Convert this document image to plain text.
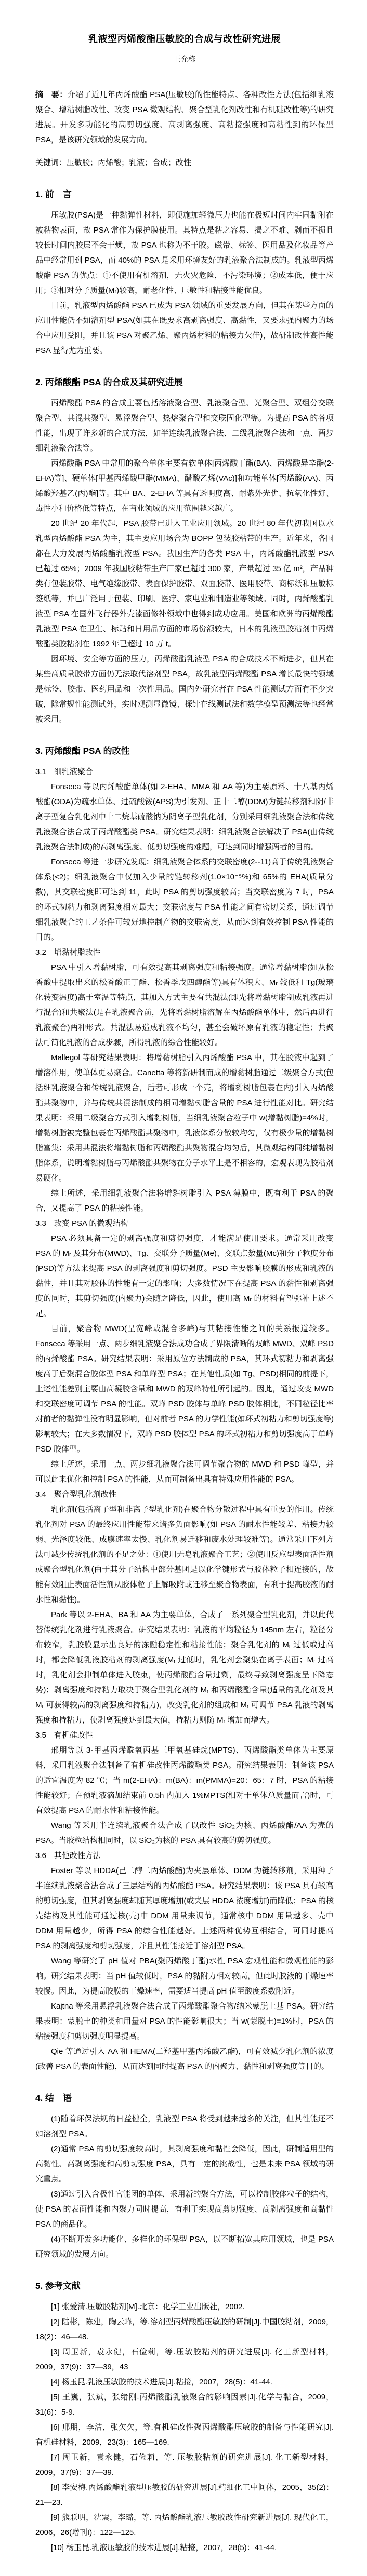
乳液型丙烯酸酯压敏胶的合成与改性研究进展
王允栋

摘　要：介绍了近几年丙烯酸酯 PSA(压敏胶)的性能特点、各种改性方法(包括细乳液聚合、增粘树脂改性、改变 PSA 微观结构、聚合型乳化剂改性和有机硅改性等)的研究进展。开发多功能化的高剪切强度、高剥离强度、高粘接强度和高粘性到的环保型 PSA，是该研究领域的发展方向。

关键词：压敏胶；丙烯酸；乳液；合成；改性

1. 前　言

压敏胶(PSA)是一种黏弹性材料，即便施加轻微压力也能在极短时间内牢固黏附在被粘物表面，故 PSA 常作为保护膜使用。其特点是粘之容易、揭之不难、剥而不损且较长时间内胶层不会干燥，故 PSA 也称为不干胶。磁带、标签、医用品及化妆品等产品中经常用到 PSA，而 40%的 PSA 是采用环境友好的乳液聚合法制成的。乳液型丙烯酸酯 PSA 的优点：①不使用有机溶剂，无火灾危险，不污染环境；②成本低，便于应用；③相对分子质量(Mᵣ)较高，耐老化性、压敏性和粘接性能优良。

目前，乳液型丙烯酸酯 PSA 已成为 PSA 领域的重要发展方向，但其在某些方面的应用性能仍不如溶剂型 PSA(如其在既要求高剥离强度、高黏性，又要求强内聚力的场合中应用受阻，并且该 PSA 对聚乙烯、聚丙烯材料的粘接力欠佳)，故研制改性高性能 PSA 显得尤为重要。

2. 丙烯酸酯 PSA 的合成及其研究进展

丙烯酸酯 PSA 的合成主要包括溶液聚合型、乳液聚合型、光聚合型、双组分交联聚合型、共混共聚型、悬浮聚合型、热熔聚合型和交联固化型等。为提高 PSA 的各项性能，出现了许多新的合成方法，如半连续乳液聚合法、二级乳液聚合法和一点、两步细乳液聚合法等。

丙烯酸酯 PSA 中常用的聚合单体主要有软单体[丙烯酸丁酯(BA)、丙烯酸异辛酯(2-EHA)等]、硬单体[甲基丙烯酸甲酯(MMA)、醋酸乙烯(VAc)]和功能单体[丙烯酸(AA)、丙烯酸羟基乙(丙)酯]等。其中 BA、2-EHA 等具有透明度高、耐紫外光优、抗氧化性好、毒性小和价格低等特点，在商业领域的应用范围越来越广。

20 世纪 20 年代起，PSA 胶带已进入工业应用领域。20 世纪 80 年代初我国以水乳型丙烯酸酯 PSA 为主，其主要应用场合为 BOPP 包装胶粘带的生产。近年来，各国都在大力发展丙烯酸酯乳液型 PSA。我国生产的各类 PSA 中，丙烯酸酯乳液型 PSA 已超过 65%；2009 年我国胶粘带生产厂家已超过 300 家，产量超过 35 亿 m²，产品种类有包装胶带、电气绝缘胶带、表面保护胶带、双面胶带、医用胶带、商标纸和压敏标签纸等，并已广泛用于包装、印刷、医疗、家电业和制造业等领域。同时，丙烯酸酯乳液型 PSA 在国外飞行器外壳漆面修补领域中也得到成功应用。美国和欧洲的丙烯酸酯乳液型 PSA 在卫生、标贴和日用品方面的市场份额较大，日本的乳液型胶粘剂中丙烯酸酯类胶粘剂在 1992 年已超过 10 万 t。

因环境、安全等方面的压力，丙烯酸酯乳液型 PSA 的合成技术不断进步，但其在某些高质量胶带方面仍无法取代溶剂型 PSA，故乳液型丙烯酸酯 PSA 增长最快的领域是标签、胶带、医药用品和一次性用品。国内外研究者在 PSA 性能测试方面有不少突破，除常规性能测试外，实时观测显微镜、探针在线测试法和数学模型预测法等也经常被采用。

3. 丙烯酸酯 PSA 的改性
3.1　细乳液聚合

Fonseca 等以丙烯酸酯单体(如 2-EHA、MMA 和 AA 等)为主要原料、十八基丙烯酸酯(ODA)为疏水单体、过硫酸铵(APS)为引发剂、正十二醇(DDM)为链转移剂和阴/非离子型复合乳化剂中十二烷基硫酸钠为阴离子型乳化剂，分别采用细乳液聚合法和传统乳液聚合法合成了丙烯酸酯类 PSA。研究结果表明：细乳液聚合法解决了 PSA(由传统乳液聚合法制成)的高剥离强度、低剪切强度的难题，可达到同时增强两者的目的。

Fonseca 等进一步研究发现：细乳液聚合体系的交联密度(2--11)高于传统乳液聚合体系(<2)；细乳液聚合中仅加入少量的链转移剂(1.0×10⁻⁵%)和 65%的 EHA(质量分数)，其交联密度即可达到 11，此时 PSA 的剪切强度较高；当交联密度为 7 时，PSA 的环式初粘力和剥离强度相对最大；交联密度与 PSA 性能之间有密切关系，通过调节细乳液聚合的工艺条件可较好地控制产物的交联密度，从而达到有效控制 PSA 性能的目的。

3.2　增黏树脂改性

PSA 中引入增黏树脂，可有效提高其剥离强度和粘接强度。通常增黏树脂(如从松香酸中提取出来的松香酸正丁酯、松香季戊四醇酯等)具有体积大、Mᵣ 较低和 Tg(玻璃化转变温度)高于室温等特点，其加入方式主要有共混法(即先将增黏树脂制成乳液再进行混合)和共聚法(是在乳液聚合前，先将增黏树脂溶解在丙烯酸酯单体中，然后再进行乳液聚合)两种形式。共混法易造成乳液不均匀，甚至会破坏原有乳液的稳定性；共聚法可简化乳液的合成步骤，所得乳液的综合性能较好。

Mallegol 等研究结果表明：将增黏树脂引入丙烯酸酯 PSA 中，其在胶液中起到了增溶作用，使单体更易聚合。Canetta 等将新研制而成的增黏树脂通过二级聚合方式(包括细乳液聚合和传统乳液聚合，后者可形成一个壳，将增黏树脂包裹在内)引入丙烯酸酯共聚物中，并与传统共混法制成的相同增黏树脂含量的 PSA 进行性能对比。研究结果表明：采用二级聚合方式引入增黏树脂，当细乳液聚合粒子中 w(增黏树脂)=4%时，增黏树脂被完整包裹在丙烯酸酯共聚物中，乳液体系分散较均匀，仅有极少量的增黏树脂富集；采用共混法将增黏树脂和丙烯酸酯共聚物混合均匀后，其微观结构同纯增黏树脂体系，说明增黏树脂与丙烯酸酯共聚物在分子水平上是不相容的，宏观表现为胶粘剂易硬化。

综上所述，采用细乳液聚合法将增黏树脂引入 PSA 薄膜中，既有利于 PSA 的聚合，又提高了 PSA 的粘接性能。

3.3　改变 PSA 的微观结构

PSA 必须具备一定的剥离强度和剪切强度，才能满足使用要求。通常采用改变 PSA 的 Mᵣ 及其分布(MWD)、Tg、交联分子质量(Me)、交联点数量(Mc)和分子粒度分布(PSD)等方法来提高 PSA 的剥离强度和剪切强度。PSD 主要影响胶膜的形成和乳液的黏性，并且其对胶体的性能有一定的影响；大多数情况下在提高 PSA 的黏性和剥离强度的同时，其剪切强度(内聚力)会随之降低，因此，使用高 Mᵣ 的材料有望弥补上述不足。

目前，聚合物 MWD(呈宽峰或混合多峰)与其粘接性能之间的关系报道较多。Fonseca 等采用一点、两步细乳液聚合法成功合成了界限清晰的双峰 MWD、双峰 PSD 的丙烯酸酯 PSA。研究结果表明：采用原位方法制成的 PSA，其环式初粘力和剥离强度高于后聚混合胶体型 PSA 和单峰型 PSA；在其他性质(如 Tg、PSD)相同的前提下，上述性能差别主要由高凝胶含量和 MWD 的双峰特性所引起的。因此，通过改变 MWD 和交联密度可调节 PSA 的性能。双峰 PSD 胶体与单峰 PSD 胶体相比，不同粒径比率对前者的黏弹性没有明显影响，但对前者 PSA 的力学性能(如环式初粘力和剪切强度等)影响较大；在大多数情况下，双峰 PSD 胶体型 PSA 的环式初粘力和剪切强度高于单峰 PSD 胶体型。

综上所述，采用一点、两步细乳液聚合法可调节聚合物的 MWD 和 PSD 峰型，并可以此来优化和控制 PSA 的性能，从而可制备出具有特殊应用性能的 PSA。

3.4　聚合型乳化剂改性

乳化剂(包括离子型和非离子型乳化剂)在聚合物分散过程中具有重要的作用。传统乳化剂对 PSA 的最终应用性能带来诸多负面影响(如 PSA 的耐水性能较差、粘接力较弱、光泽度较低、成膜速率太慢、乳化剂易迁移和废水处理较难等)。通常采用下列方法可减少传统乳化剂的不足之处：①使用无皂乳液聚合工艺；②使用反应型表面活性剂或聚合型乳化剂(由于其分子结构中部分基团是以化学键形式与胶体粒子相连接的，故能有效阻止表面活性剂从胶体粒子上解吸附或迁移至聚合物表面，有利于提高胶液的耐水性和黏性)。

Park 等以 2-EHA、BA 和 AA 为主要单体，合成了一系列聚合型乳化剂，并以此代替传统乳化剂进行乳液聚合。研究结果表明：乳液的平均粒径为 145nm 左右，粒径分布较窄，乳胶膜显示出良好的冻融稳定性和粘接性能；聚合乳化剂的 Mᵣ 过低或过高时，都会降低乳液胶粘剂的剥离强度(Mᵣ 过低时，乳化剂会聚集在离子表面；Mᵣ 过高时，乳化剂会抑制单体进入胶束，使丙烯酸酯含量过剩，最终导致剥离强度呈下降态势)；剥离强度和持粘力取决于聚合型乳化剂的 Mᵣ 和丙烯酸酯含量(适量的乳化剂及其 Mᵣ 可获得较高的剥离强度和持粘力)，改变乳化剂的组成和 Mᵣ 可调节 PSA 乳液的剥离强度和持粘力，使剥离强度达到最大值，持粘力则随 Mᵣ 增加而增大。

3.5　有机硅改性

邢朋等以 3-甲基丙烯酰氧丙基三甲氧基硅烷(MPTS)、丙烯酸酯类单体为主要原料，采用乳液聚合法制备了有机硅改性丙烯酸酯类 PSA。研究结果表明：制备该 PSA 的适宜温度为 82 ℃；当 m(2-EHA)：m(BA)：m(PMMA)=20：65：7 时，PSA 的粘接性能较好；在预乳液滴加结束前 0.5h 内加入 1%MPTS(相对于单体总质量而言)时，可有效提高 PSA 的耐水性和粘接性能。

Wang 等采用半连续乳液聚合法合成了以改性 SiO₂为核、丙烯酸酯/AA 为壳的 PSA。当胶粒结构相同时，以 SiO₂为核的 PSA 具有较高的剪切强度。

3.6　其他改性方法

Foster 等以 HDDA(己二醇二丙烯酸酯)为夹层单体、DDM 为链转移剂，采用种子半连续乳液聚合法合成了三层结构的丙烯酸酯 PSA。研究结果表明：该 PSA 具有较高的剪切强度，但其剥离强度却随其厚度增加(或夹层 HDDA 浓度增加)而降低；PSA 的核壳结构及其性能可通过核(壳)中 DDM 用量来调节，通常核中 DDM 用量越多、壳中 DDM 用量越少，所得 PSA 的综合性能越好。上述两种优势互相结合，可同时提高 PSA 的剥离强度和剪切强度，并且其性能接近于溶剂型 PSA。

Wang 等研究了 pH 值对 PBA(聚丙烯酸丁酯)水性 PSA 宏观性能和微观性能的影响。研究结果表明：当 pH 值较低时，PSA 的黏附力相对较高，但此时胶液的干燥速率较慢。因此，为提高胶膜的干燥速率，需要适当提高 pH 值至酸度系数附近。

Kajtna 等采用悬浮乳液聚合法合成了丙烯酸酯聚合物/纳米蒙脱土基 PSA。研究结果表明：蒙脱土的种类和用量对 PSA 的性能影响很大；当 w(蒙脱土)=1%时，PSA 的粘接强度和剪切强度明显提高。

Qie 等通过引入 AA 和 HEMA(二羟基甲基丙烯酸乙酯)，可有效减少乳化剂的浓度(改善 PSA 的表面性能)，从而达到同时提高 PSA 的内聚力、黏性和剥离强度等目的。

4. 结　语

(1)随着环保法规的日益健全，乳液型 PSA 将受到越来越多的关注，但其性能还不如溶剂型 PSA。

(2)通常 PSA 的剪切强度较高时，其剥离强度和黏性会降低，因此，研制适用型的高黏性、高剥离强度和高剪切强度 PSA，具有一定的挑战性，也是未来 PSA 领域的研究重点。

(3)通过引入含极性官能团的单体、采用新的聚合方法，可以控制胶体粒子的结构，使 PSA 的表面性能和内聚力同时提高，有利于实现高剪切强度、高剥离强度和高黏性 PSA 的商品化。

(4)不断开发多功能化、多样化的环保型 PSA，以不断拓宽其应用领域，也是 PSA 研究领域的发展方向。

5. 参考文献

[1] 张爱清.压敏胶粘剂[M].北京：化学工业出版社，2002.

[2] 陆彬，陈建，陶云峰，等.溶剂型丙烯酸酯压敏胶的研制[J].中国胶粘剂，2009，18(2)：46—48.

[3] 周卫新，袁永健，石俭莉，等.压敏胶粘剂的研究进展[J]. 化工新型材料，2009，37(9)：37—39，43

[4] 杨玉昆.乳液压敏胶的技术进展[J].粘接，2007，28(5)：41-44.

[5] 王巍，张斌，张绪刚.丙烯酸酯乳液聚合的影响因素[J].化学与黏合，2009，31(6)：5-9.

[6] 邢朋，李洁，张欠欠，等.有机硅改性聚丙烯酸酯压敏胶的制备与性能研究[J]. 有机硅材料，2009，23(3)：165—169.

[7] 周卫新，袁永健，石俭莉，等. 压敏胶粘剂的研究进展[J]. 化工新型材料，2009，37(9)：37—39.

[8] 李安梅.丙烯酸酯乳液型压敏胶的研究进展[J].精细化工中间体，2005，35(2)：21—23.

[9] 熊联明，沈震，李璐，等. 丙烯酸酯乳液压敏胶改性研究新进展[J]. 现代化工，2006，26(增刊I)：122—125.

[10] 杨玉昆.乳液压敏胶的技术进展[J].粘接，2007，28(5)：41-44.
